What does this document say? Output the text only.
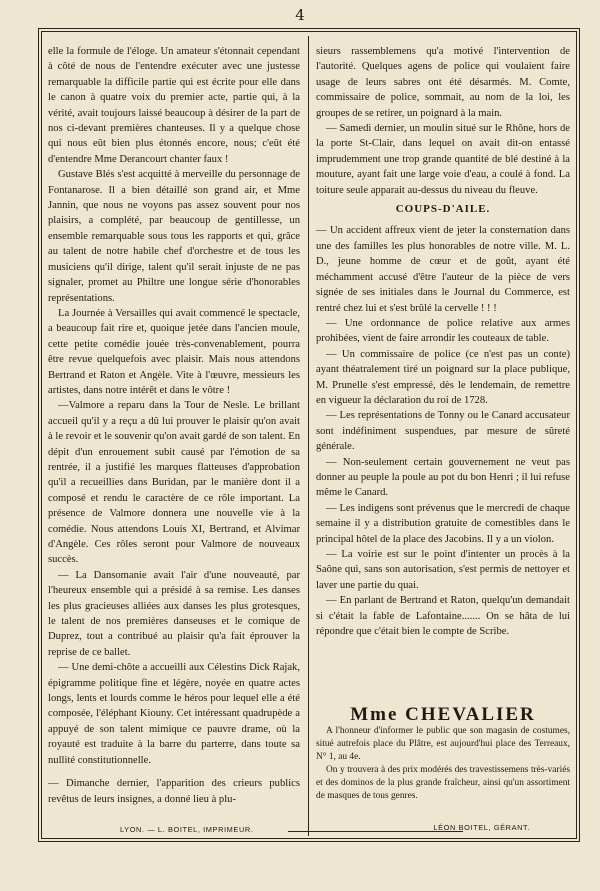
4

elle la formule de l'éloge. Un amateur s'étonnait cependant à côté de nous de l'entendre exécuter avec une justesse remarquable la difficile partie qui est écrite pour elle dans le canon à quatre voix du premier acte, partie qui, à la vérité, avait toujours laissé beaucoup à désirer de la part de nos ci-devant premières chanteuses. Il y a quelque chose qui nous eût bien plus étonnés encore, nous; c'eût été d'entendre Mme Derancourt chanter faux !

Gustave Blés s'est acquitté à merveille du personnage de Fontanarose. Il a bien détaillé son grand air, et Mme Jannin, que nous ne voyons pas assez souvent pour nos plaisirs, a complété, par beaucoup de gentillesse, un ensemble remarquable sous tous les rapports et qui, grâce au talent de notre habile chef d'orchestre et de tous les musiciens qu'il dirige, talent qu'il serait injuste de ne pas signaler, promet au Philtre une longue série d'honorables représentations.

La Journée à Versailles qui avait commencé le spectacle, a beaucoup fait rire et, quoique jetée dans l'ancien moule, cette petite comédie jouée très-convenablement, pourra être revue quelquefois avec plaisir. Mais nous attendons Bertrand et Raton et Angèle. Vite à l'œuvre, messieurs les artistes, dans notre intérêt et dans le vôtre !

—Valmore a reparu dans la Tour de Nesle. Le brillant accueil qu'il y a reçu a dû lui prouver le plaisir qu'on avait à le revoir et le souvenir qu'on avait gardé de son talent. En dépit d'un enrouement subit causé par l'émotion de sa rentrée, il a justifié les marques flatteuses d'approbation qu'il a recueillies dans Buridan, par le manière dont il a composé et rendu le caractère de ce rôle important. La présence de Valmore donnera une nouvelle vie à la comédie. Nous attendons Louis XI, Bertrand, et Alvimar d'Angèle. Ces rôles seront pour Valmore de nouveaux succès.

— La Dansomanie avait l'air d'une nouveauté, par l'heureux ensemble qui a présidé à sa remise. Les danses les plus gracieuses alliées aux danses les plus grotesques, le talent de nos premières danseuses et le comique de Duprez, tout a contribué au plaisir qu'a fait éprouver la reprise de ce ballet.

— Une demi-chôte a accueilli aux Célestins Dick Rajak, épigramme politique fine et légère, noyée en quatre actes longs, lents et lourds comme le héros pour lequel elle a été composée, l'éléphant Kiouny. Cet intéressant quadrupède a appuyé de son talent mimique ce pauvre drame, où la royauté est traduite à la barre du parterre, dans toute sa nullité constitutionnelle.

— Dimanche dernier, l'apparition des crieurs publics revêtus de leurs insignes, a donné lieu à plu-

sieurs rassemblemens qu'a motivé l'intervention de l'autorité. Quelques agens de police qui voulaient faire usage de leurs sabres ont été désarmés. M. Comte, commissaire de police, sommait, au nom de la loi, les groupes de se retirer, un poignard à la main.

— Samedi dernier, un moulin situé sur le Rhône, hors de la porte St-Clair, dans lequel on avait dit-on entassé imprudemment une trop grande quantité de blé destiné à la mouture, ayant fait une large voie d'eau, a coulé à fond. La toiture seule apparait au-dessus du niveau du fleuve.

COUPS-D'AILE.

— Un accident affreux vient de jeter la consternation dans une des familles les plus honorables de notre ville. M. L. D., jeune homme de cœur et de goût, ayant été méchamment accusé d'être l'auteur de la pièce de vers signée de ses initiales dans le Journal du Commerce, est rentré chez lui et s'est brûlé la cervelle ! ! !

— Une ordonnance de police relative aux armes prohibées, vient de faire arrondir les couteaux de table.

— Un commissaire de police (ce n'est pas un conte) ayant théatralement tiré un poignard sur la place publique, M. Prunelle s'est empressé, dès le lendemain, de remettre en vigueur la déclaration du roi de 1728.

— Les représentations de Tonny ou le Canard accusateur sont indéfiniment suspendues, par mesure de sûreté générale.

— Non-seulement certain gouvernement ne veut pas donner au peuple la poule au pot du bon Henri ; il lui refuse même le Canard.

— Les indigens sont prévenus que le mercredi de chaque semaine il y a distribution gratuite de comestibles dans le principal hôtel de la place des Jacobins. Il y a un violon.

— La voirie est sur le point d'intenter un procès à la Saône qui, sans son autorisation, s'est permis de nettoyer et laver une partie du quai.

— En parlant de Bertrand et Raton, quelqu'un demandait si c'était la fable de Lafontaine....... On se hâta de lui répondre que c'était bien le compte de Scribe.

Mme CHEVALIER

A l'honneur d'informer le public que son magasin de costumes, situé autrefois place du Plâtre, est aujourd'hui place des Terreaux, N° 1, au 4e.

On y trouvera à des prix modérés des travestissemens très-variés et des dominos de la plus grande fraîcheur, ainsi qu'un assortiment de masques de tous genres.

LYON. — L. BOITEL, IMPRIMEUR.	LÉON BOITEL, GÉRANT.
